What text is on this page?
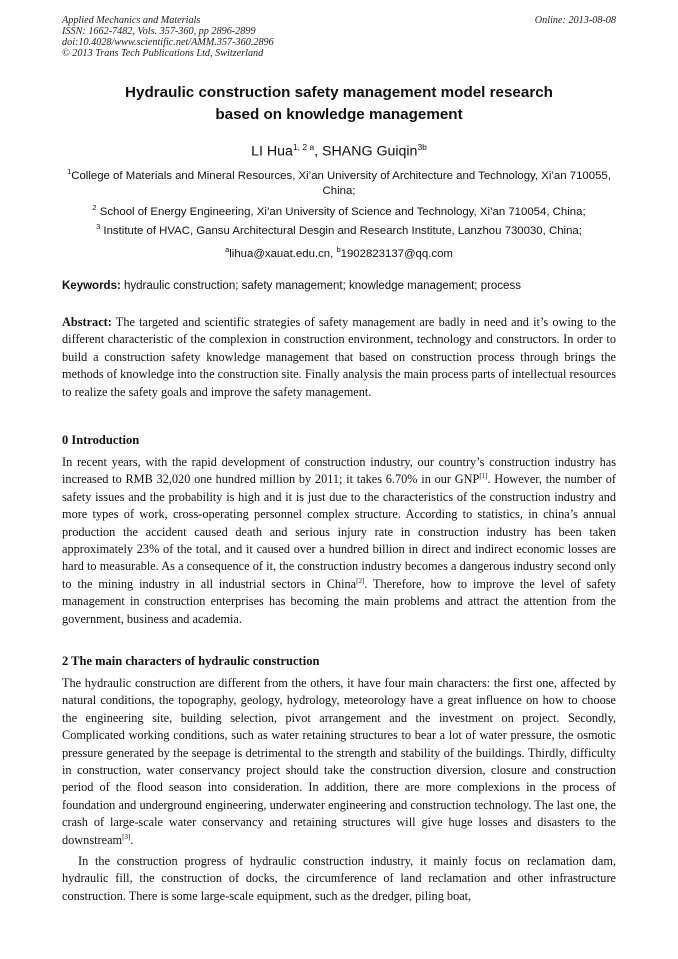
Applied Mechanics and Materials
ISSN: 1662-7482, Vols. 357-360, pp 2896-2899
doi:10.4028/www.scientific.net/AMM.357-360.2896
© 2013 Trans Tech Publications Ltd, Switzerland
Online: 2013-08-08
Hydraulic construction safety management model research
based on knowledge management
LI Hua$^{1, 2 a}$, SHANG Guiqin$^{3b}$
$^1$College of Materials and Mineral Resources, Xi’an University of Architecture and Technology, Xi’an 710055, China;
$^2$ School of Energy Engineering, Xi’an University of Science and Technology, Xi’an 710054, China;
$^3$ Institute of HVAC, Gansu Architectural Desgin and Research Institute, Lanzhou 730030, China;
$^a$lihua@xauat.edu.cn, $^b$1902823137@qq.com
Keywords: hydraulic construction; safety management; knowledge management; process
Abstract: The targeted and scientific strategies of safety management are badly in need and it’s owing to the different characteristic of the complexion in construction environment, technology and constructors. In order to build a construction safety knowledge management that based on construction process through brings the methods of knowledge into the construction site. Finally analysis the main process parts of intellectual resources to realize the safety goals and improve the safety management.
0 Introduction
In recent years, with the rapid development of construction industry, our country’s construction industry has increased to RMB 32,020 one hundred million by 2011; it takes 6.70% in our GNP[1]. However, the number of safety issues and the probability is high and it is just due to the characteristics of the construction industry and more types of work, cross-operating personnel complex structure. According to statistics, in china’s annual production the accident caused death and serious injury rate in construction industry has been taken approximately 23% of the total, and it caused over a hundred billion in direct and indirect economic losses are hard to measurable. As a consequence of it, the construction industry becomes a dangerous industry second only to the mining industry in all industrial sectors in China[2]. Therefore, how to improve the level of safety management in construction enterprises has becoming the main problems and attract the attention from the government, business and academia.
2 The main characters of hydraulic construction
The hydraulic construction are different from the others, it have four main characters: the first one, affected by natural conditions, the topography, geology, hydrology, meteorology have a great influence on how to choose the engineering site, building selection, pivot arrangement and the investment on project. Secondly, Complicated working conditions, such as water retaining structures to bear a lot of water pressure, the osmotic pressure generated by the seepage is detrimental to the strength and stability of the buildings. Thirdly, difficulty in construction, water conservancy project should take the construction diversion, closure and construction period of the flood season into consideration. In addition, there are more complexions in the process of foundation and underground engineering, underwater engineering and construction technology. The last one, the crash of large-scale water conservancy and retaining structures will give huge losses and disasters to the downstream[3].
In the construction progress of hydraulic construction industry, it mainly focus on reclamation dam, hydraulic fill, the construction of docks, the circumference of land reclamation and other infrastructure construction. There is some large-scale equipment, such as the dredger, piling boat,
